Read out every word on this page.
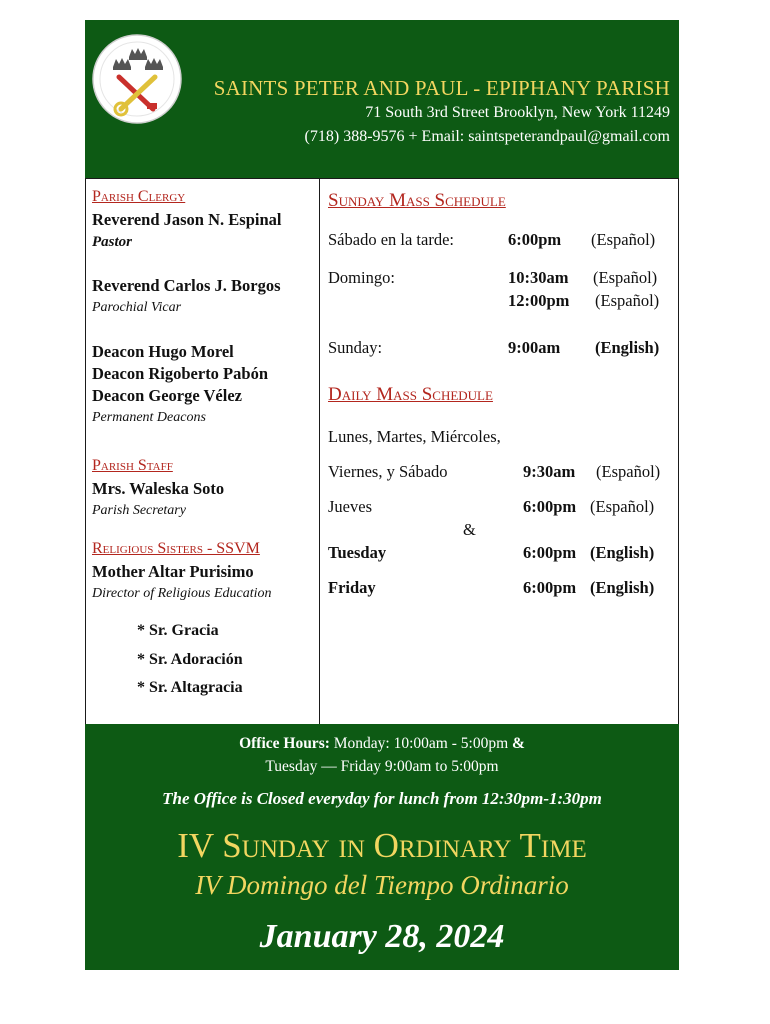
SAINTS PETER AND PAUL - EPIPHANY PARISH
71 South 3rd Street Brooklyn, New York 11249
(718) 388-9576 + Email: saintspeterandpaul@gmail.com
Parish Clergy
Reverend Jason N. Espinal
Pastor
Reverend Carlos J. Borgos
Parochial Vicar
Deacon Hugo Morel
Deacon Rigoberto Pabón
Deacon George Vélez
Permanent Deacons
Parish Staff
Mrs. Waleska Soto
Parish Secretary
Religious Sisters - SSVM
Mother Altar Purisimo
Director of Religious Education
* Sr. Gracia
* Sr. Adoración
* Sr. Altagracia
Sunday Mass Schedule
Sábado en la tarde:	6:00pm (Español)
Domingo:	10:30am (Español)
12:00pm (Español)
Sunday:	9:00am (English)
Daily Mass Schedule
Lunes, Martes, Miércoles,
Viernes, y Sábado	9:30am (Español)
Jueves	6:00pm (Español)
&
Tuesday	6:00pm (English)
Friday	6:00pm (English)
Office Hours: Monday: 10:00am - 5:00pm &
Tuesday — Friday 9:00am to 5:00pm
The Office is Closed everyday for lunch from 12:30pm-1:30pm
IV Sunday in Ordinary Time
IV Domingo del Tiempo Ordinario
January 28, 2024
